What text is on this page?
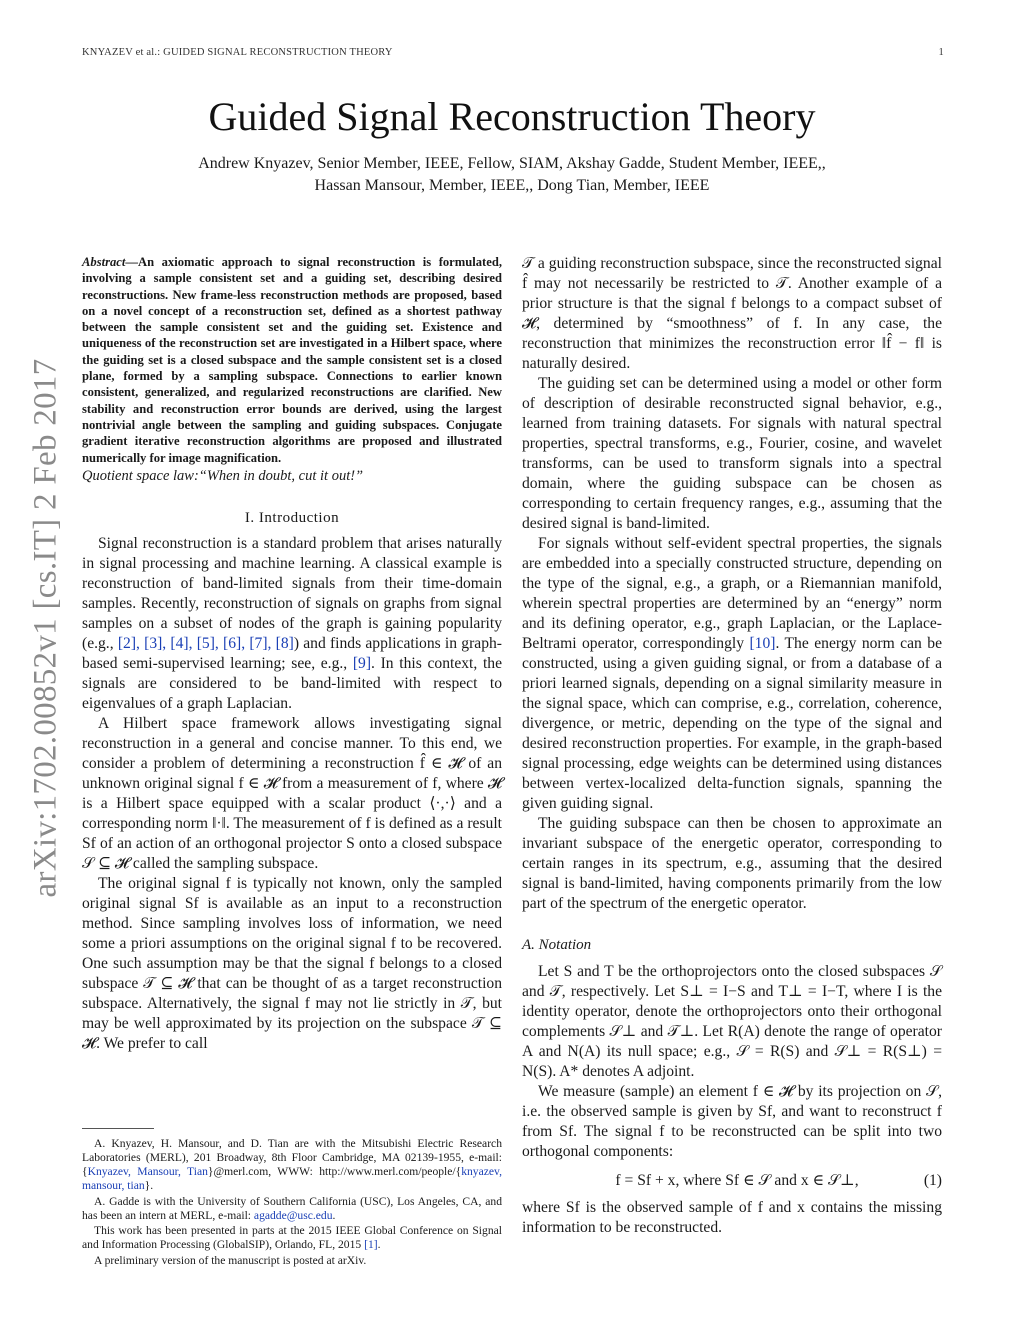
KNYAZEV et al.: GUIDED SIGNAL RECONSTRUCTION THEORY	1
arXiv:1702.00852v1 [cs.IT] 2 Feb 2017
Guided Signal Reconstruction Theory
Andrew Knyazev, Senior Member, IEEE, Fellow, SIAM, Akshay Gadde, Student Member, IEEE,,
Hassan Mansour, Member, IEEE,, Dong Tian, Member, IEEE

Abstract—An axiomatic approach to signal reconstruction is formulated, involving a sample consistent set and a guiding set, describing desired reconstructions. New frame-less reconstruction methods are proposed, based on a novel concept of a reconstruction set, defined as a shortest pathway between the sample consistent set and the guiding set. Existence and uniqueness of the reconstruction set are investigated in a Hilbert space, where the guiding set is a closed subspace and the sample consistent set is a closed plane, formed by a sampling subspace. Connections to earlier known consistent, generalized, and regularized reconstructions are clarified. New stability and reconstruction error bounds are derived, using the largest nontrivial angle between the sampling and guiding subspaces. Conjugate gradient iterative reconstruction algorithms are proposed and illustrated numerically for image magnification.

Quotient space law:“When in doubt, cut it out!”

I. Introduction

Signal reconstruction is a standard problem that arises naturally in signal processing and machine learning. A classical example is reconstruction of band-limited signals from their time-domain samples. Recently, reconstruction of signals on graphs from signal samples on a subset of nodes of the graph is gaining popularity (e.g., [2], [3], [4], [5], [6], [7], [8]) and finds applications in graph-based semi-supervised learning; see, e.g., [9]. In this context, the signals are considered to be band-limited with respect to eigenvalues of a graph Laplacian.

A Hilbert space framework allows investigating signal reconstruction in a general and concise manner. To this end, we consider a problem of determining a reconstruction f̂ ∈ 𝓗 of an unknown original signal f ∈ 𝓗 from a measurement of f, where 𝓗 is a Hilbert space equipped with a scalar product ⟨·,·⟩ and a corresponding norm ‖·‖. The measurement of f is defined as a result Sf of an action of an orthogonal projector S onto a closed subspace 𝒮 ⊆ 𝓗 called the sampling subspace.

The original signal f is typically not known, only the sampled original signal Sf is available as an input to a reconstruction method. Since sampling involves loss of information, we need some a priori assumptions on the original signal f to be recovered. One such assumption may be that the signal f belongs to a closed subspace 𝒯 ⊆ 𝓗 that can be thought of as a target reconstruction subspace. Alternatively, the signal f may not lie strictly in 𝒯, but may be well approximated by its projection on the subspace 𝒯 ⊆ 𝓗. We prefer to call

A. Knyazev, H. Mansour, and D. Tian are with the Mitsubishi Electric Research Laboratories (MERL), 201 Broadway, 8th Floor Cambridge, MA 02139-1955, e-mail: {Knyazev, Mansour, Tian}@merl.com, WWW: http://www.merl.com/people/{knyazev, mansour, tian}.

A. Gadde is with the University of Southern California (USC), Los Angeles, CA, and has been an intern at MERL, e-mail: agadde@usc.edu.

This work has been presented in parts at the 2015 IEEE Global Conference on Signal and Information Processing (GlobalSIP), Orlando, FL, 2015 [1].

A preliminary version of the manuscript is posted at arXiv.

𝒯 a guiding reconstruction subspace, since the reconstructed signal f̂ may not necessarily be restricted to 𝒯. Another example of a prior structure is that the signal f belongs to a compact subset of 𝓗, determined by “smoothness” of f. In any case, the reconstruction that minimizes the reconstruction error ‖f̂ − f‖ is naturally desired.

The guiding set can be determined using a model or other form of description of desirable reconstructed signal behavior, e.g., learned from training datasets. For signals with natural spectral properties, spectral transforms, e.g., Fourier, cosine, and wavelet transforms, can be used to transform signals into a spectral domain, where the guiding subspace can be chosen as corresponding to certain frequency ranges, e.g., assuming that the desired signal is band-limited.

For signals without self-evident spectral properties, the signals are embedded into a specially constructed structure, depending on the type of the signal, e.g., a graph, or a Riemannian manifold, wherein spectral properties are determined by an “energy” norm and its defining operator, e.g., graph Laplacian, or the Laplace-Beltrami operator, correspondingly [10]. The energy norm can be constructed, using a given guiding signal, or from a database of a priori learned signals, depending on a signal similarity measure in the signal space, which can comprise, e.g., correlation, coherence, divergence, or metric, depending on the type of the signal and desired reconstruction properties. For example, in the graph-based signal processing, edge weights can be determined using distances between vertex-localized delta-function signals, spanning the given guiding signal.

The guiding subspace can then be chosen to approximate an invariant subspace of the energetic operator, corresponding to certain ranges in its spectrum, e.g., assuming that the desired signal is band-limited, having components primarily from the low part of the spectrum of the energetic operator.

A. Notation

Let S and T be the orthoprojectors onto the closed subspaces 𝒮 and 𝒯, respectively. Let S⊥ = I−S and T⊥ = I−T, where I is the identity operator, denote the orthoprojectors onto their orthogonal complements 𝒮⊥ and 𝒯⊥. Let R(A) denote the range of operator A and N(A) its null space; e.g., 𝒮 = R(S) and 𝒮⊥ = R(S⊥) = N(S). A* denotes A adjoint.

We measure (sample) an element f ∈ 𝓗 by its projection on 𝒮, i.e. the observed sample is given by Sf, and want to reconstruct f from Sf. The signal f to be reconstructed can be split into two orthogonal components:

f = Sf + x, where Sf ∈ 𝒮 and x ∈ 𝒮⊥,	(1)

where Sf is the observed sample of f and x contains the missing information to be reconstructed.
